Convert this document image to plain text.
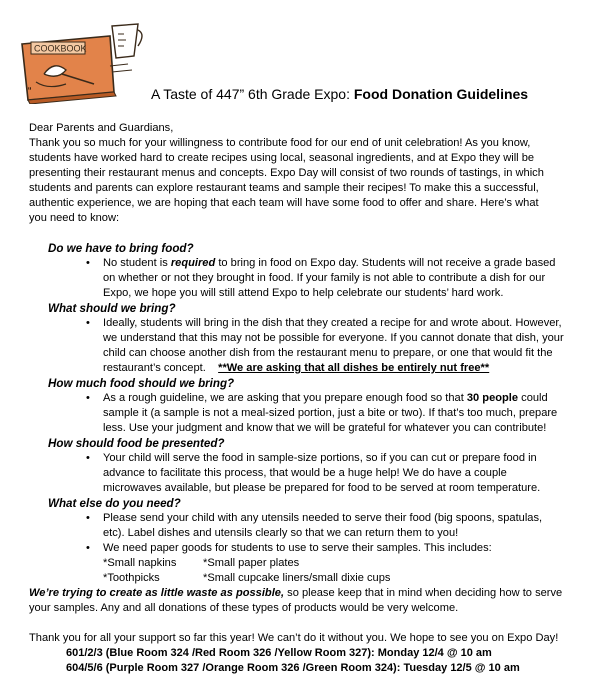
COOKBOOK
“	A Taste of 447” 6th Grade Expo: Food Donation Guidelines

Dear Parents and Guardians,

Thank you so much for your willingness to contribute food for our end of unit celebration! As you know,

students have worked hard to create recipes using local, seasonal ingredients, and at Expo they will be

presenting their restaurant menus and concepts. Expo Day will consist of two rounds of tastings, in which

students and parents can explore restaurant teams and sample their recipes! To make this a successful,

authentic experience, we are hoping that each team will have some food to offer and share. Here’s what

you need to know:

Do we have to bring food?
• No student is required to bring in food on Expo day. Students will not receive a grade based
on whether or not they brought in food. If your family is not able to contribute a dish for our
Expo, we hope you will still attend Expo to help celebrate our students’ hard work.
What should we bring?
• Ideally, students will bring in the dish that they created a recipe for and wrote about. However,
we understand that this may not be possible for everyone. If you cannot donate that dish, your
child can choose another dish from the restaurant menu to prepare, or one that would fit the
restaurant’s concept. **We are asking that all dishes be entirely nut free**
How much food should we bring?
• As a rough guideline, we are asking that you prepare enough food so that 30 people could
sample it (a sample is not a meal-sized portion, just a bite or two). If that’s too much, prepare
less. Use your judgment and know that we will be grateful for whatever you can contribute!
How should food be presented?
• Your child will serve the food in sample-size portions, so if you can cut or prepare food in
advance to facilitate this process, that would be a huge help! We do have a couple
microwaves available, but please be prepared for food to be served at room temperature.
What else do you need?
• Please send your child with any utensils needed to serve their food (big spoons, spatulas,
etc). Label dishes and utensils clearly so that we can return them to you!
• We need paper goods for students to use to serve their samples. This includes:
*Small napkins *Small paper plates
*Toothpicks	*Small cupcake liners/small dixie cups

We’re trying to create as little waste as possible, so please keep that in mind when deciding how to serve

your samples. Any and all donations of these types of products would be very welcome.

Thank you for all your support so far this year! We can’t do it without you. We hope to see you on Expo Day!

601/2/3 (Blue Room 324 /Red Room 326 /Yellow Room 327): Monday 12/4 @ 10 am
604/5/6 (Purple Room 327 /Orange Room 326 /Green Room 324): Tuesday 12/5 @ 10 am
